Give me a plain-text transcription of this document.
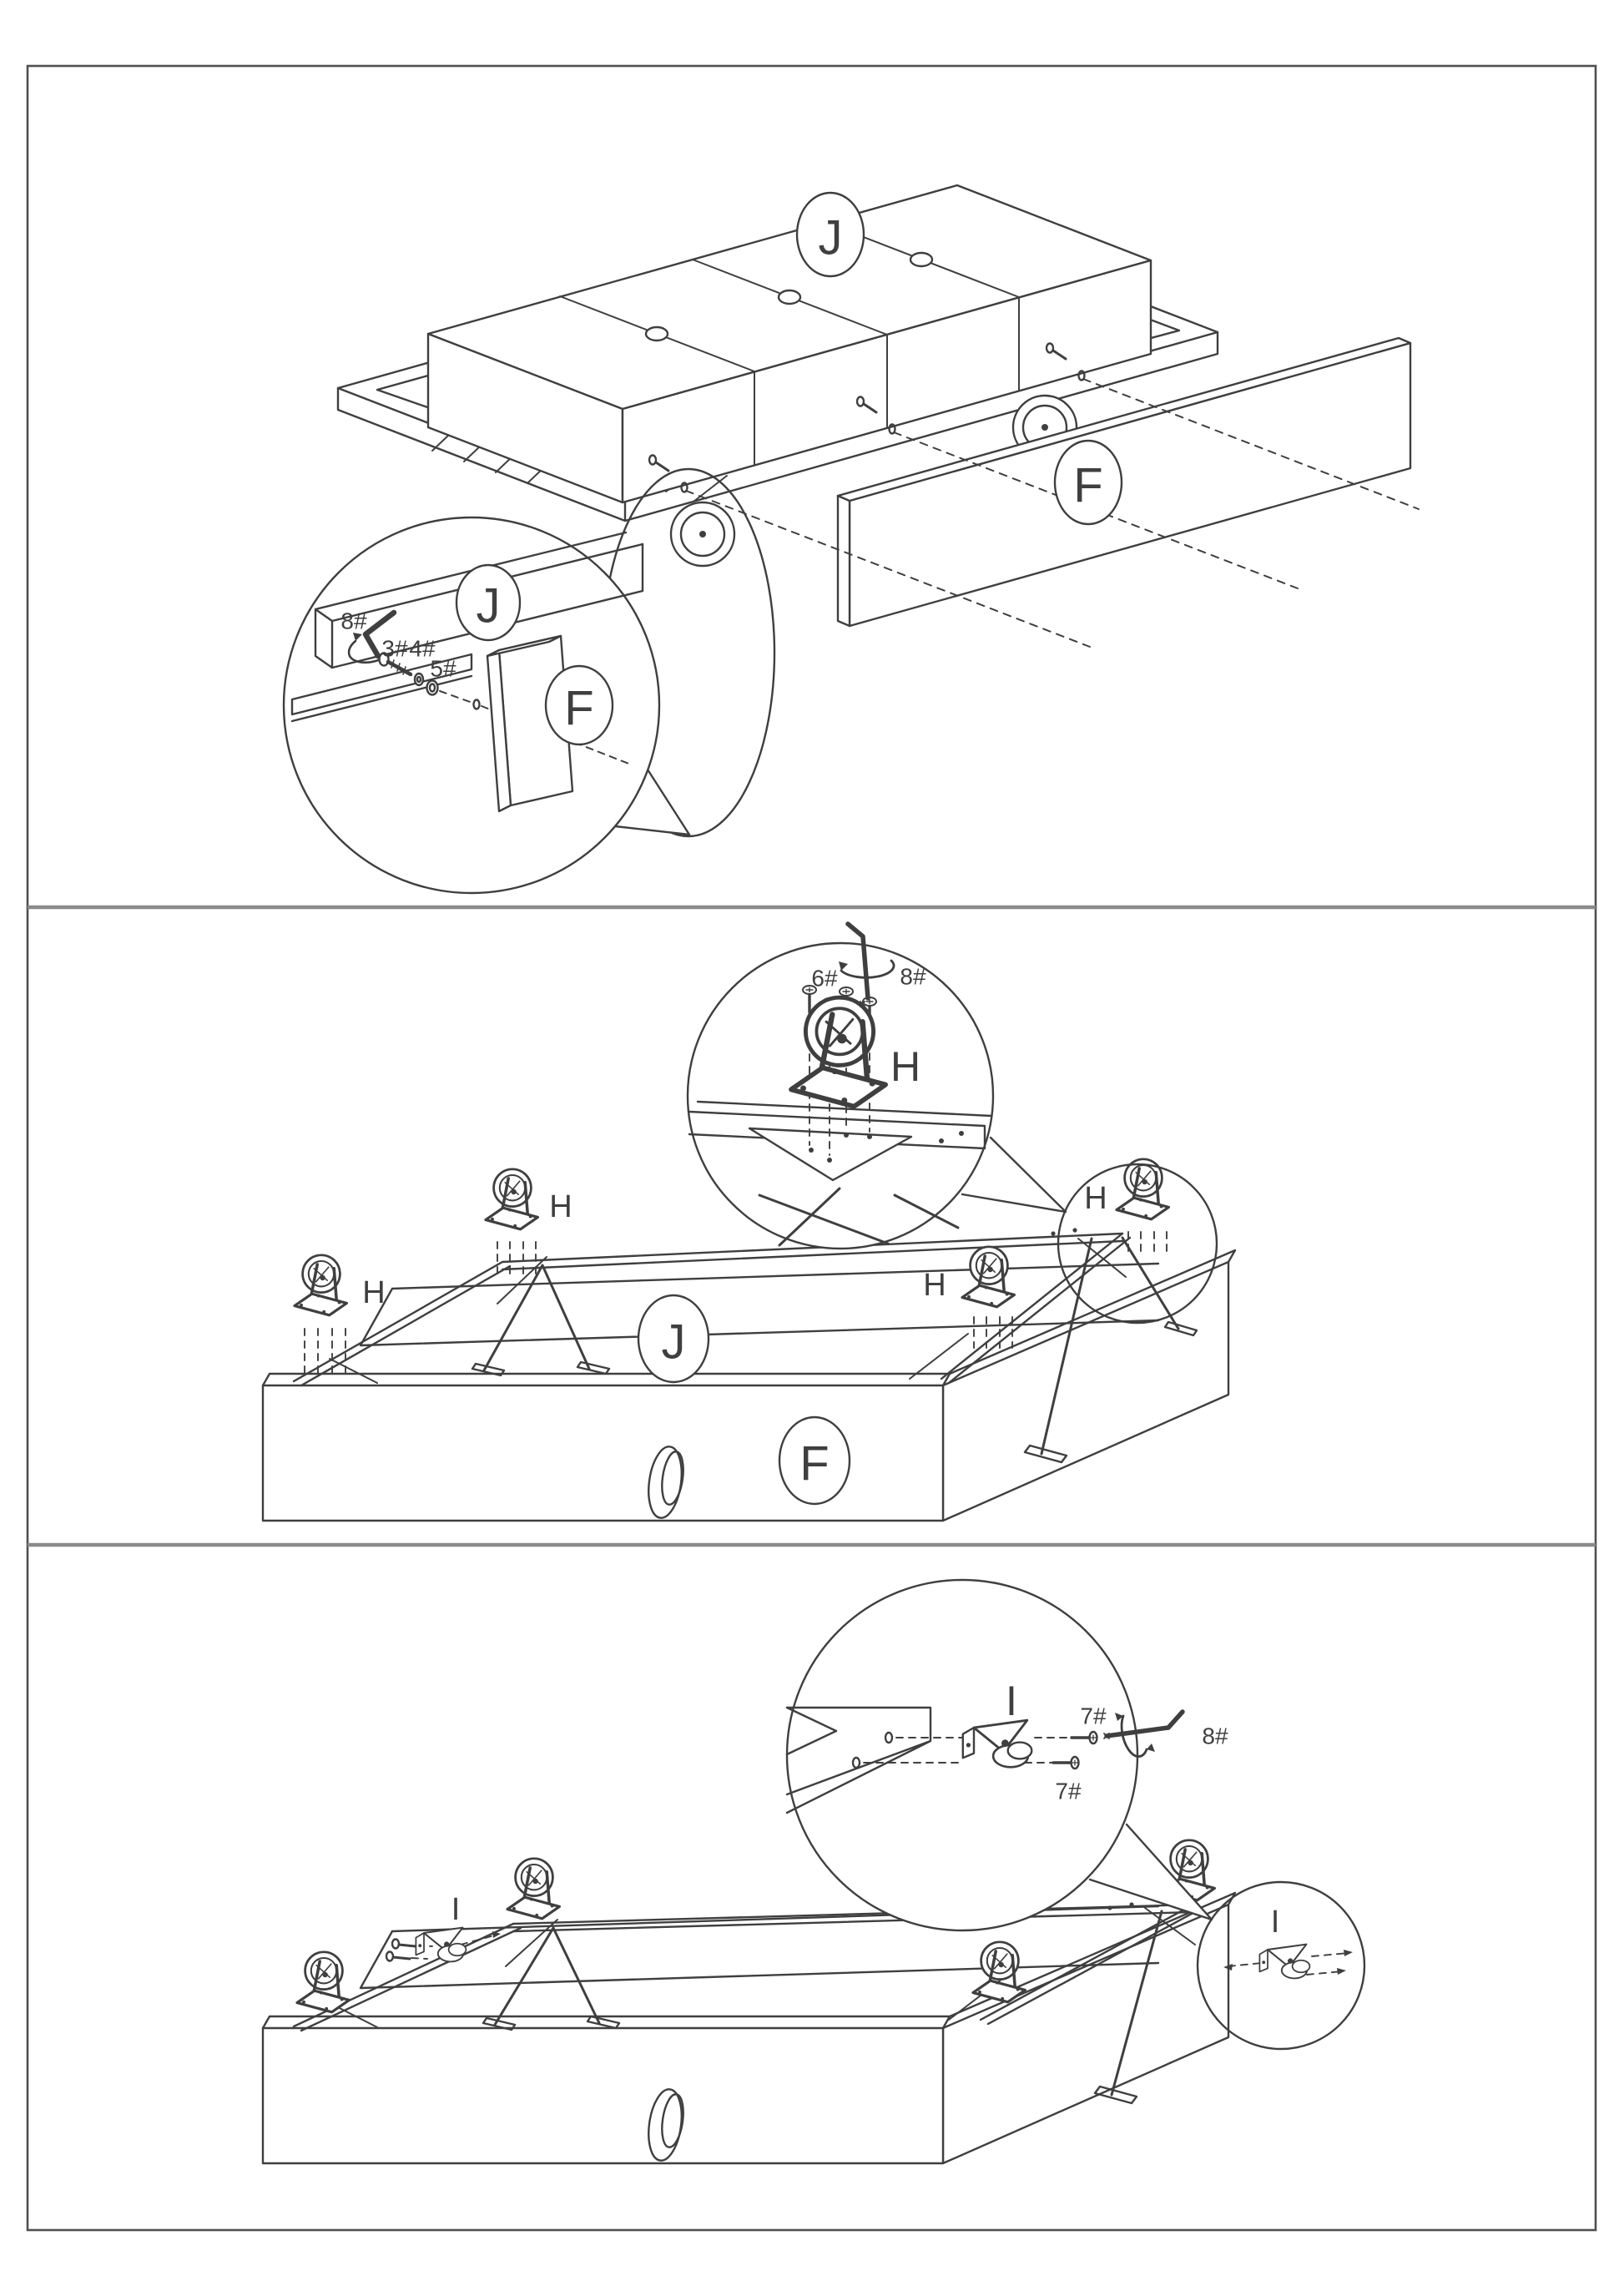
8#
3# 4#
5#
J
F
J
F
H
H
H
H
6#	8#
H
J
F
I	I
I	7#
7#
8#
